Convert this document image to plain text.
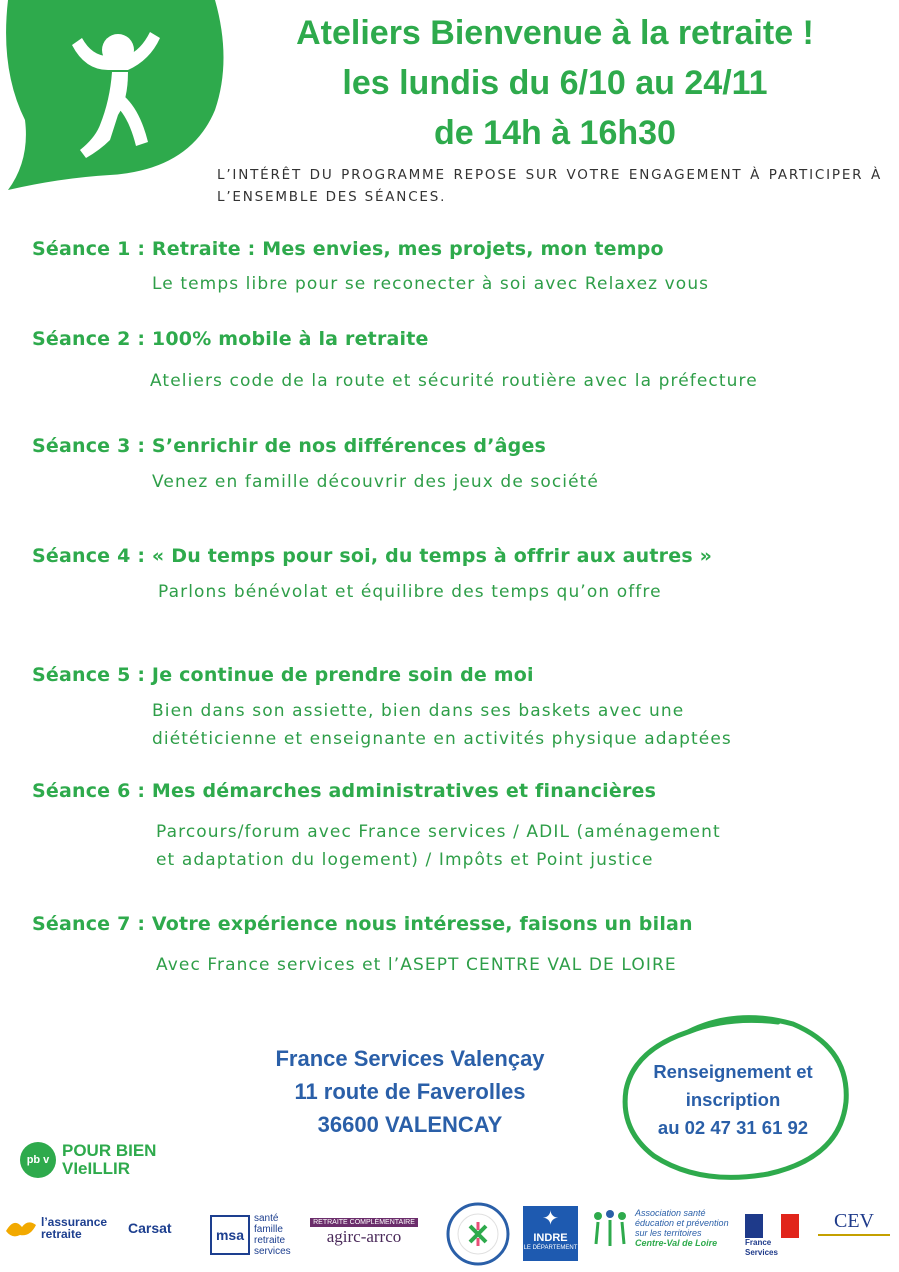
Ateliers Bienvenue à la retraite !
les lundis du 6/10 au 24/11
de 14h à 16h30
L’INTÉRÊT DU PROGRAMME REPOSE SUR VOTRE ENGAGEMENT À PARTICIPER À L’ENSEMBLE DES SÉANCES.
Séance 1 : Retraite : Mes envies, mes projets, mon tempo
Le temps libre pour se reconecter à soi avec Relaxez vous
Séance 2 : 100% mobile à la retraite
Ateliers code de la route et sécurité routière avec la préfecture
Séance 3 : S’enrichir de nos différences d’âges
Venez en famille découvrir des jeux de société
Séance 4 : « Du temps pour soi, du temps à offrir aux autres »
Parlons bénévolat et équilibre des temps qu’on offre
Séance 5 : Je continue de prendre soin de moi
Bien dans son assiette, bien dans ses baskets avec une
diététicienne et enseignante en activités physique adaptées
Séance 6 : Mes démarches administratives et financières
Parcours/forum avec France services / ADIL (aménagement
et adaptation du logement) / Impôts et Point justice
Séance 7 : Votre expérience nous intéresse, faisons un bilan
Avec France services et l’ASEPT CENTRE VAL DE LOIRE
France Services Valençay
11 route de Faverolles
36600 VALENCAY
Renseignement et
inscription
au 02 47 31 61 92
pb v POUR BIEN
VIeILLIR
l’assurance
retraite	Carsat	msa
santé
famille
retraite
services
RETRAITE COMPLÉMENTAIRE
agirc-arrco
✦
INDRE
LE DÉPARTEMENT
Association santé
éducation et prévention
sur les territoires
Centre-Val de Loire	France Services
CEV
